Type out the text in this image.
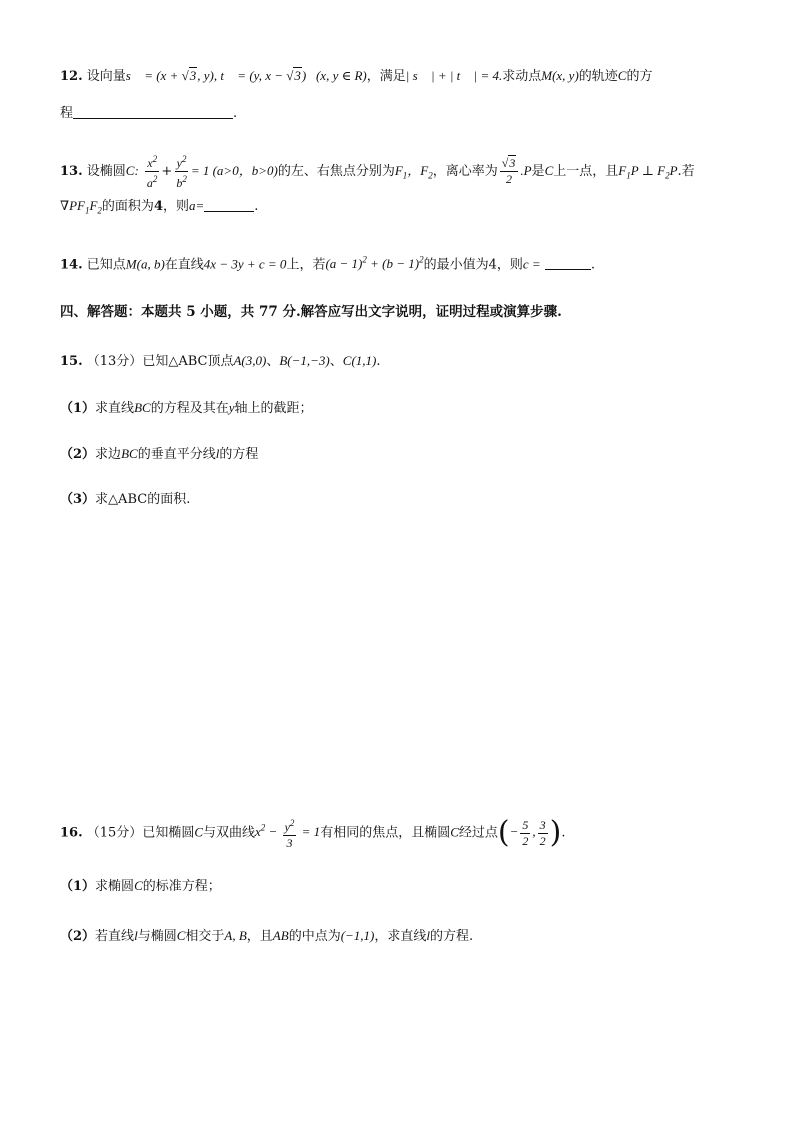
12. 设向量s⃗ = (x + √3, y), t⃗ = (y, x − √3)   (x, y ∈ R)，满足| s⃗ | + | t⃗ | = 4.求动点M(x, y)的轨迹C的方
程	.
13. 设椭圆C: $\frac{x^2}{a^2} + \frac{y^2}{b^2} = 1$ (a>0，b>0)的左、右焦点分别为$F_1$，$F_2$，离心率为 $\frac{√3}{2} .P$是C上一点，且$F_1P$ ⊥ $F_2P$.若
$\nabla PF_1F_2$的面积为4，则a=	.
14. 已知点M(a, b)在直线4x − 3y + c = 0上，若$(a - 1)^2 + (b - 1)^2$的最小值为4，则c =	.
四、解答题：本题共 5 小题，共 77 分.解答应写出文字说明，证明过程或演算步骤.
15. （13分）已知△ABC顶点A(3,0)、B(−1,−3)、C(1,1).
（1）求直线BC的方程及其在y轴上的截距；
（2）求边BC的垂直平分线l的方程
（3）求△ABC的面积.
16. （15分）已知椭圆C与双曲线$x^2 - \frac{y^2}{3} = 1$有相同的焦点，且椭圆C经过点(− $\frac{5}{2}$ , $\frac{3}{2}$ ).
（1）求椭圆C的标准方程；
（2）若直线l与椭圆C相交于A, B，且AB的中点为(−1,1)，求直线l的方程.
